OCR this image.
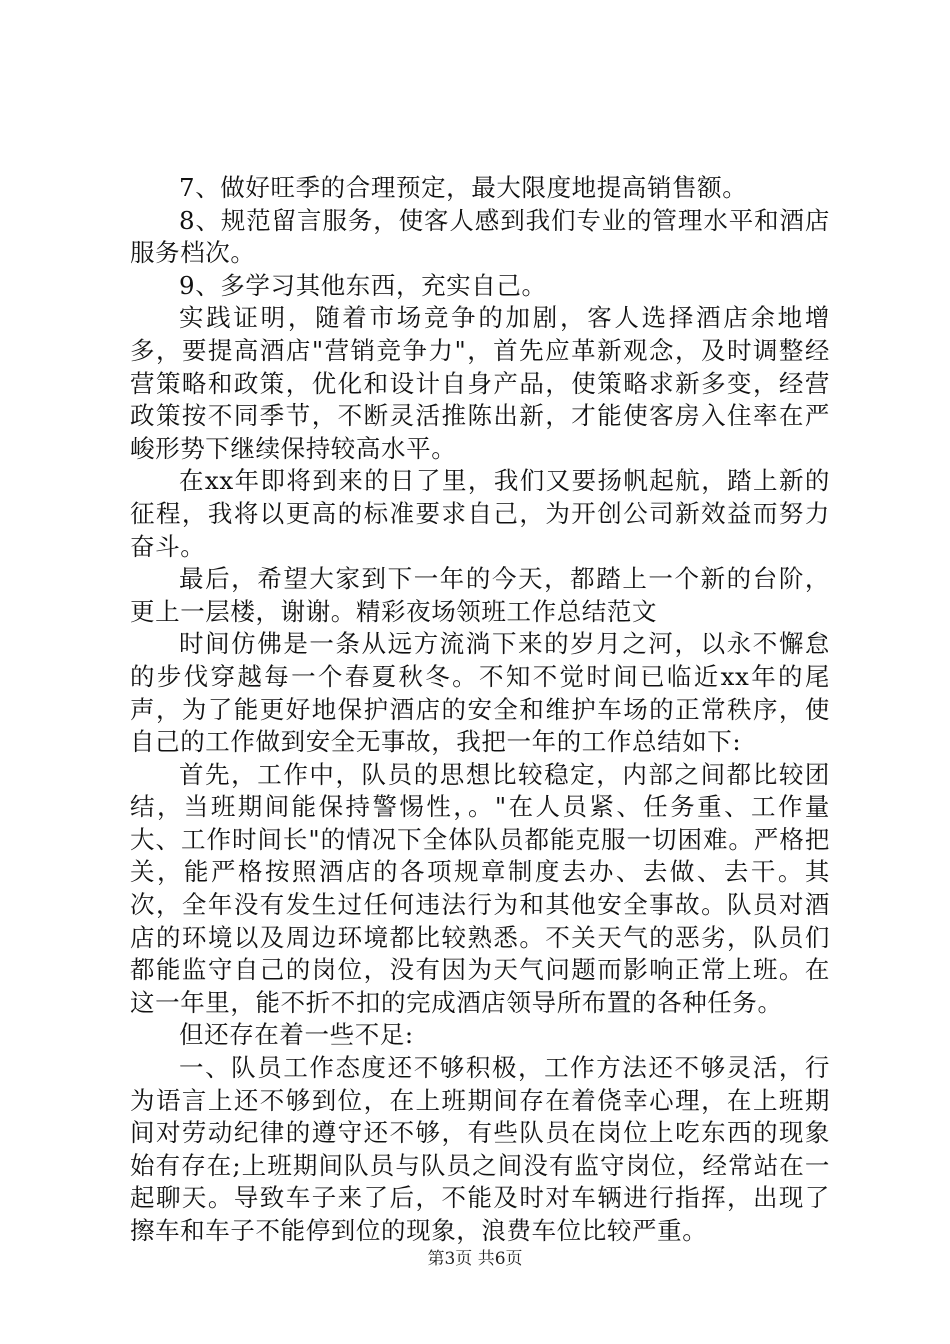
7、做好旺季的合理预定，最大限度地提高销售额。

8、规范留言服务，使客人感到我们专业的管理水平和酒店服务档次。

9、多学习其他东西，充实自己。

实践证明，随着市场竞争的加剧，客人选择酒店余地增多，要提高酒店"营销竞争力"，首先应革新观念，及时调整经营策略和政策，优化和设计自身产品，使策略求新多变，经营政策按不同季节，不断灵活推陈出新，才能使客房入住率在严峻形势下继续保持较高水平。

在xx年即将到来的日了里，我们又要扬帆起航，踏上新的征程，我将以更高的标准要求自己，为开创公司新效益而努力奋斗。

最后，希望大家到下一年的今天，都踏上一个新的台阶，更上一层楼，谢谢。精彩夜场领班工作总结范文

时间仿佛是一条从远方流淌下来的岁月之河，以永不懈怠的步伐穿越每一个春夏秋冬。不知不觉时间已临近xx年的尾声，为了能更好地保护酒店的安全和维护车场的正常秩序，使自己的工作做到安全无事故，我把一年的工作总结如下:

首先，工作中，队员的思想比较稳定，内部之间都比较团结，当班期间能保持警惕性，。"在人员紧、任务重、工作量大、工作时间长"的情况下全体队员都能克服一切困难。严格把关，能严格按照酒店的各项规章制度去办、去做、去干。其次，全年没有发生过任何违法行为和其他安全事故。队员对酒店的环境以及周边环境都比较熟悉。不关天气的恶劣，队员们都能监守自己的岗位，没有因为天气问题而影响正常上班。在这一年里，能不折不扣的完成酒店领导所布置的各种任务。

但还存在着一些不足:

一、队员工作态度还不够积极，工作方法还不够灵活，行为语言上还不够到位，在上班期间存在着侥幸心理，在上班期间对劳动纪律的遵守还不够，有些队员在岗位上吃东西的现象始有存在;上班期间队员与队员之间没有监守岗位，经常站在一起聊天。导致车子来了后，不能及时对车辆进行指挥，出现了擦车和车子不能停到位的现象，浪费车位比较严重。

第3页 共6页
